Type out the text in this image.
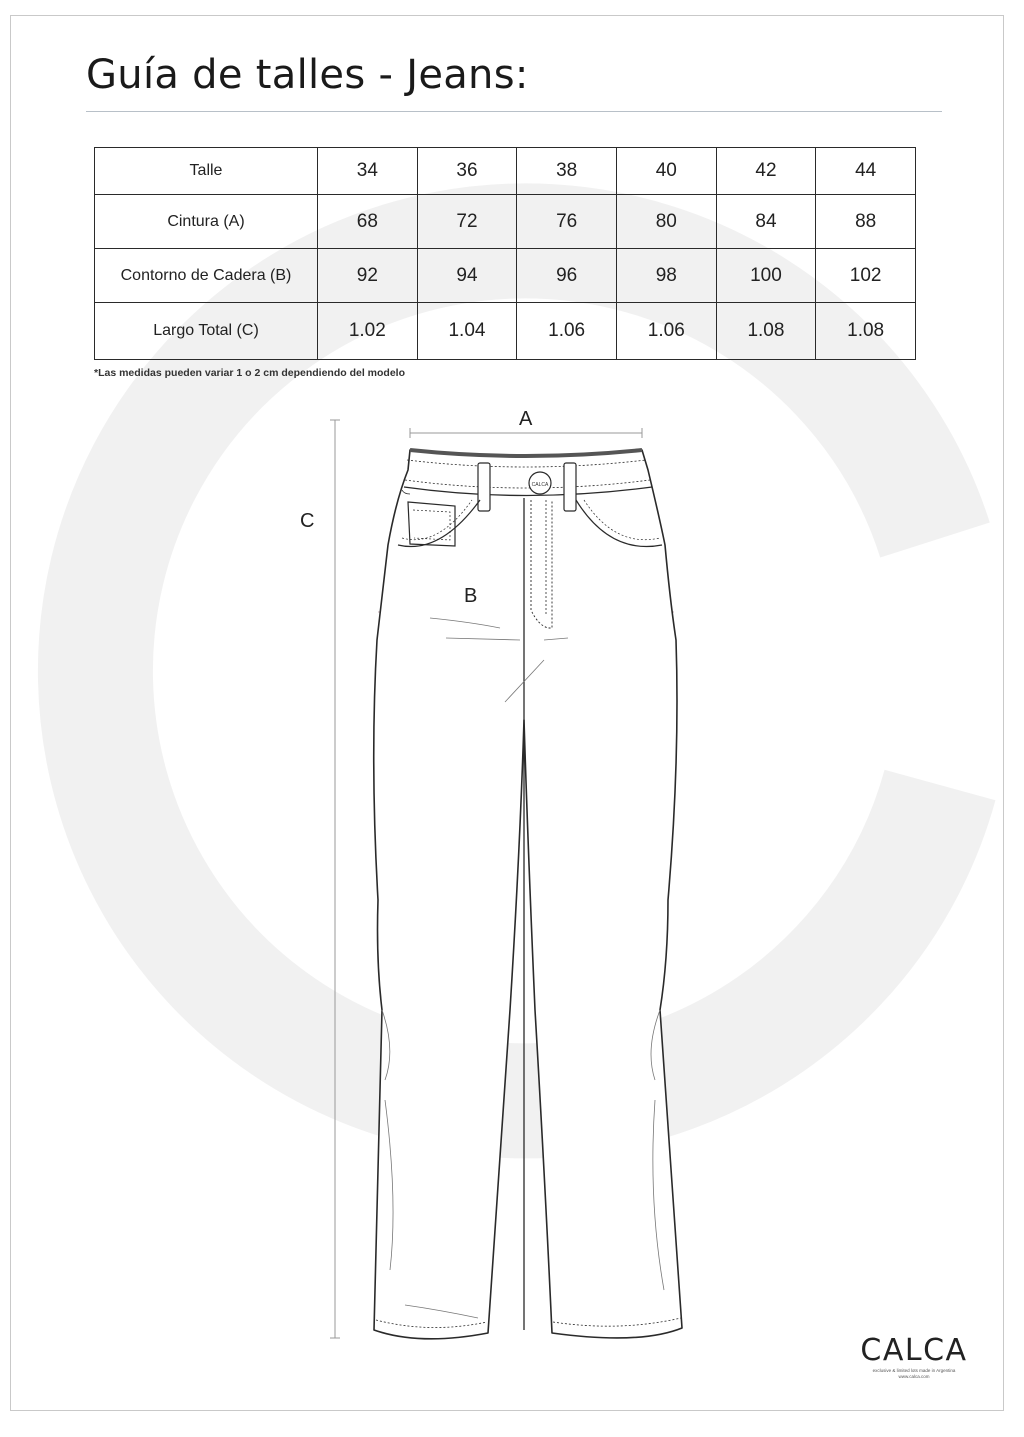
Guía de talles - Jeans:
Talle	34	36	38	40	42	44
Cintura (A)	68	72	76	80	84	88
Contorno de Cadera (B)	92	94	96	98	100	102
Largo Total (C)	1.02	1.04	1.06	1.06	1.08	1.08
*Las medidas pueden variar 1 o 2 cm dependiendo del modelo
CALCA
A
B
C
CALCA
exclusive & limited lots made in Argentina
www.calca.com
